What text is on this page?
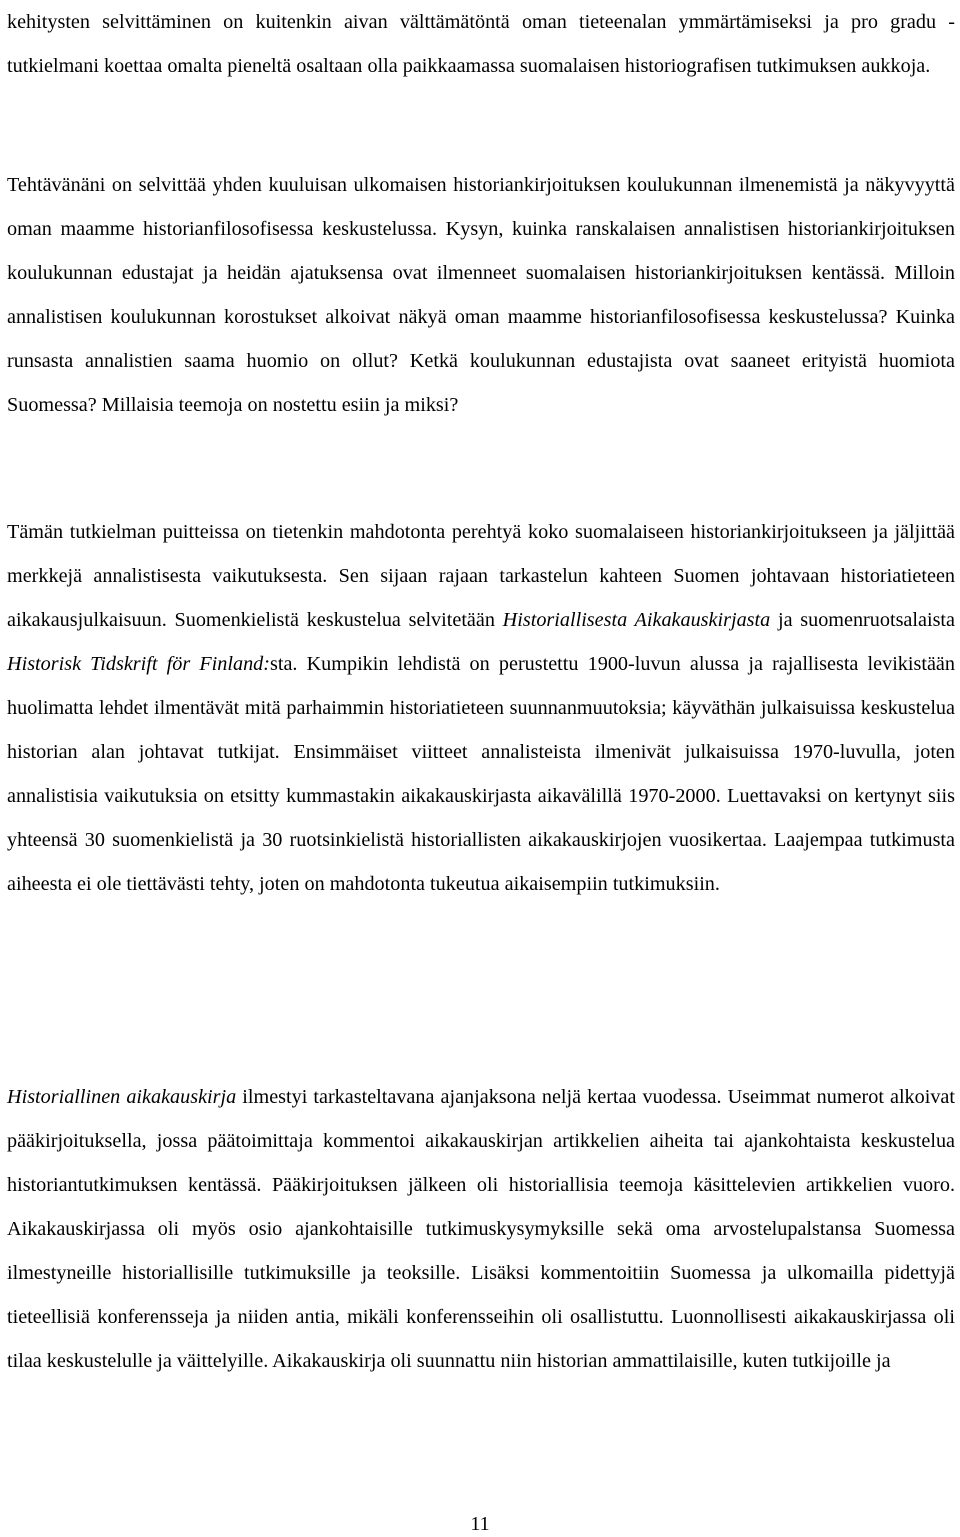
kehitysten selvittäminen on kuitenkin aivan välttämätöntä oman tieteenalan ymmärtämiseksi ja pro gradu -tutkielmani koettaa omalta pieneltä osaltaan olla paikkaamassa suomalaisen historiografisen tutkimuksen aukkoja.

Tehtävänäni on selvittää yhden kuuluisan ulkomaisen historiankirjoituksen koulukunnan ilmenemistä ja näkyvyyttä oman maamme historianfilosofisessa keskustelussa. Kysyn, kuinka ranskalaisen annalistisen historiankirjoituksen koulukunnan edustajat ja heidän ajatuksensa ovat ilmenneet suomalaisen historiankirjoituksen kentässä. Milloin annalistisen koulukunnan korostukset alkoivat näkyä oman maamme historianfilosofisessa keskustelussa? Kuinka runsasta annalistien saama huomio on ollut? Ketkä koulukunnan edustajista ovat saaneet erityistä huomiota Suomessa? Millaisia teemoja on nostettu esiin ja miksi?

Tämän tutkielman puitteissa on tietenkin mahdotonta perehtyä koko suomalaiseen historiankirjoitukseen ja jäljittää merkkejä annalistisesta vaikutuksesta. Sen sijaan rajaan tarkastelun kahteen Suomen johtavaan historiatieteen aikakausjulkaisuun. Suomenkielistä keskustelua selvitetään Historiallisesta Aikakauskirjasta ja suomenruotsalaista Historisk Tidskrift för Finland:sta. Kumpikin lehdistä on perustettu 1900-luvun alussa ja rajallisesta levikistään huolimatta lehdet ilmentävät mitä parhaimmin historiatieteen suunnanmuutoksia; käyväthän julkaisuissa keskustelua historian alan johtavat tutkijat. Ensimmäiset viitteet annalisteista ilmenivät julkaisuissa 1970-luvulla, joten annalistisia vaikutuksia on etsitty kummastakin aikakauskirjasta aikavälillä 1970-2000. Luettavaksi on kertynyt siis yhteensä 30 suomenkielistä ja 30 ruotsinkielistä historiallisten aikakauskirjojen vuosikertaa. Laajempaa tutkimusta aiheesta ei ole tiettävästi tehty, joten on mahdotonta tukeutua aikaisempiin tutkimuksiin.

Historiallinen aikakauskirja ilmestyi tarkasteltavana ajanjaksona neljä kertaa vuodessa. Useimmat numerot alkoivat pääkirjoituksella, jossa päätoimittaja kommentoi aikakauskirjan artikkelien aiheita tai ajankohtaista keskustelua historiantutkimuksen kentässä. Pääkirjoituksen jälkeen oli historiallisia teemoja käsittelevien artikkelien vuoro. Aikakauskirjassa oli myös osio ajankohtaisille tutkimuskysymyksille sekä oma arvostelupalstansa Suomessa ilmestyneille historiallisille tutkimuksille ja teoksille. Lisäksi kommentoitiin Suomessa ja ulkomailla pidettyjä tieteellisiä konferensseja ja niiden antia, mikäli konferensseihin oli osallistuttu. Luonnollisesti aikakauskirjassa oli tilaa keskustelulle ja väittelyille. Aikakauskirja oli suunnattu niin historian ammattilaisille, kuten tutkijoille ja

11
